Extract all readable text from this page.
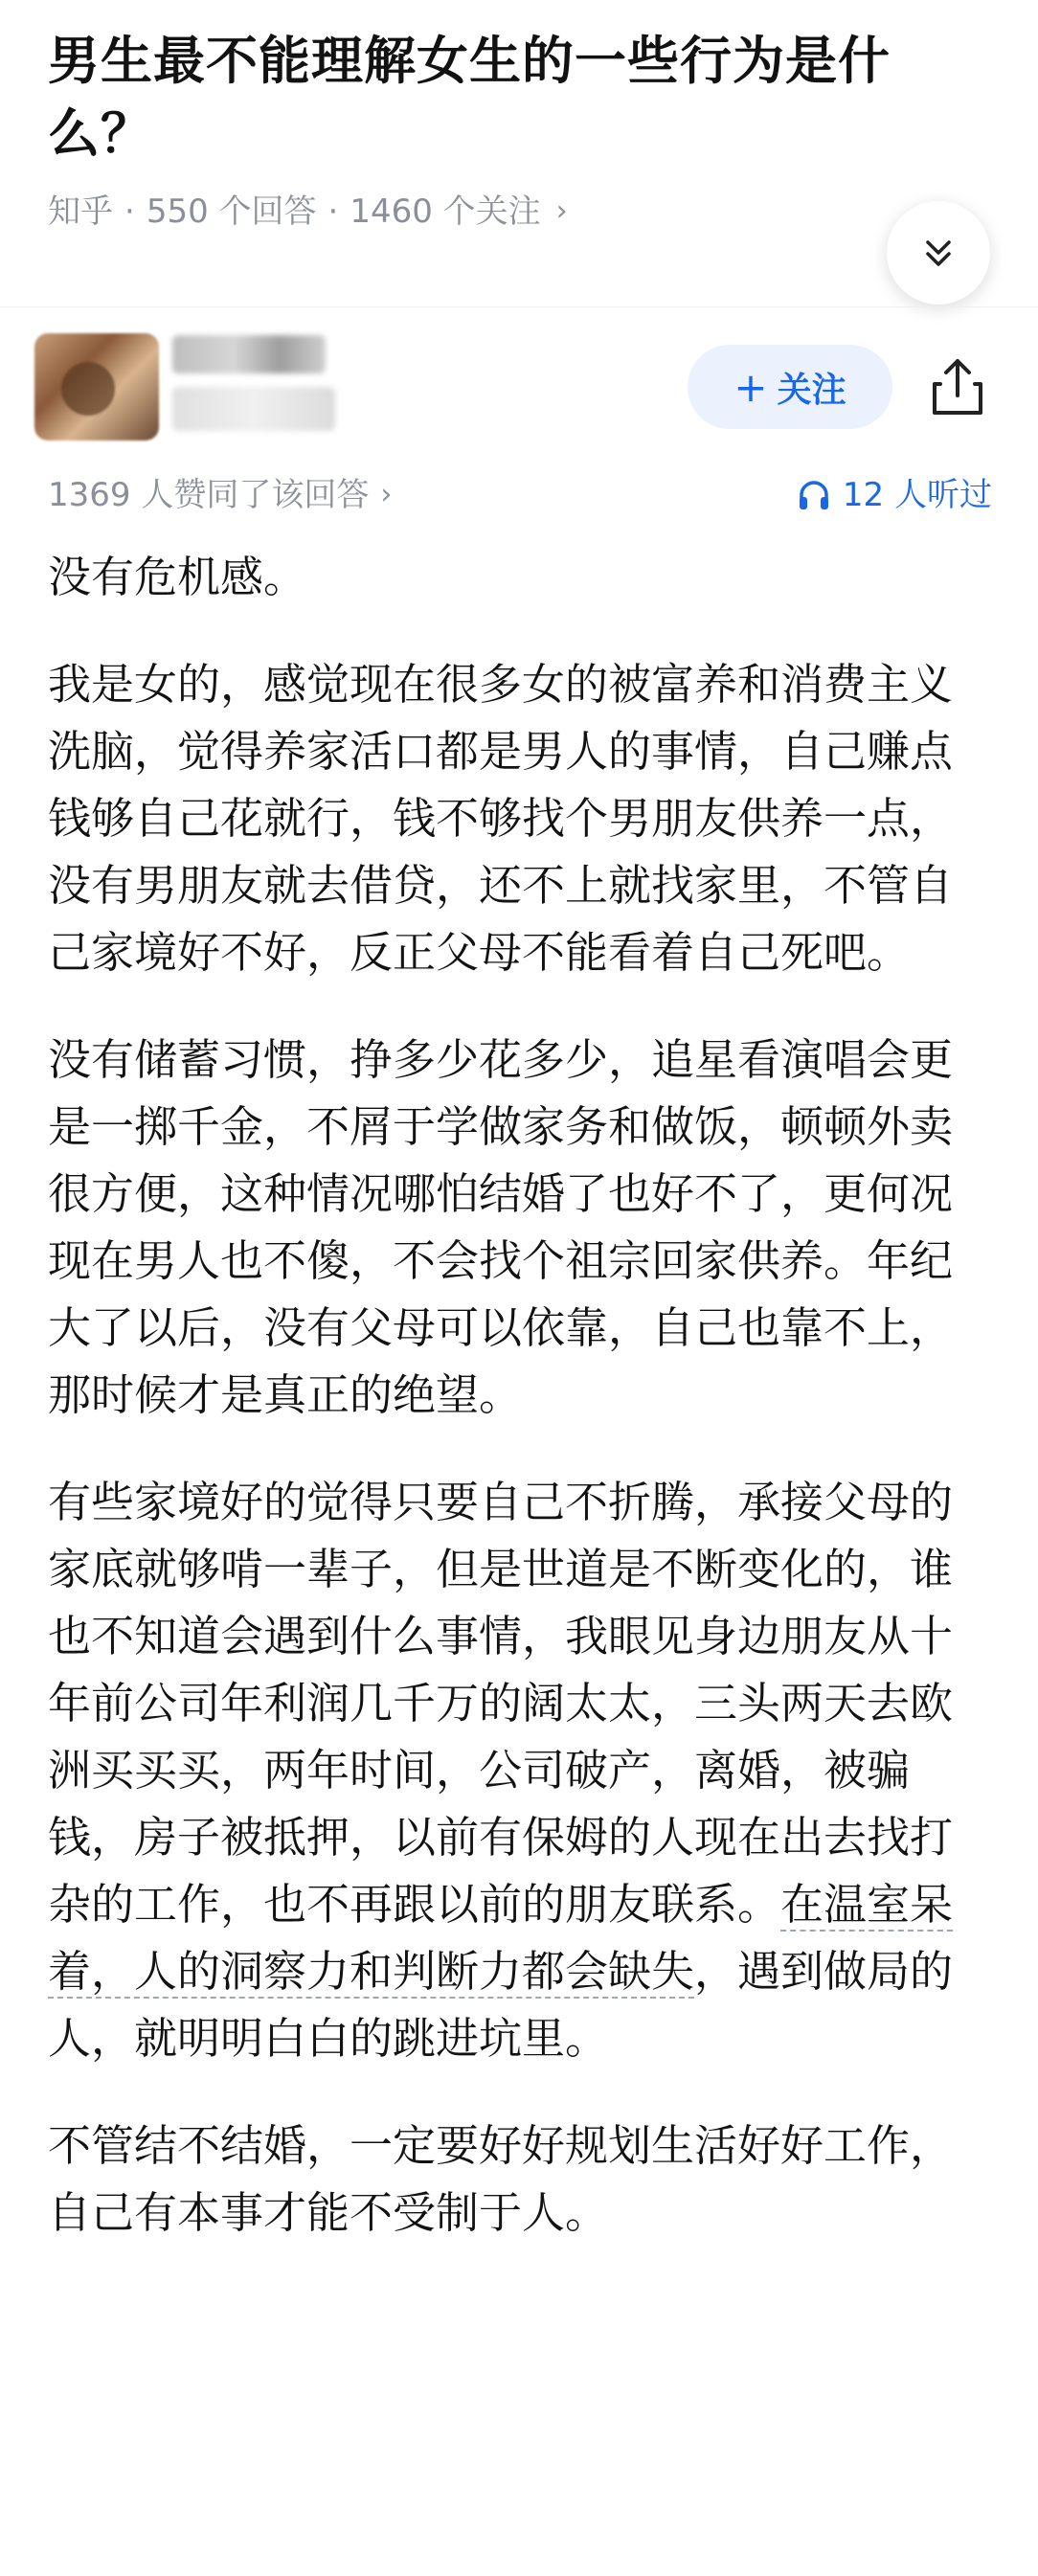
男生最不能理解女生的一些行为是什么？
知乎 · 550 个回答 · 1460 个关注 ›
+ 关注
1369 人赞同了该回答 ›	12 人听过

没有危机感。

我是女的，感觉现在很多女的被富养和消费主义洗脑，觉得养家活口都是男人的事情，自己赚点钱够自己花就行，钱不够找个男朋友供养一点，没有男朋友就去借贷，还不上就找家里，不管自己家境好不好，反正父母不能看着自己死吧。

没有储蓄习惯，挣多少花多少，追星看演唱会更是一掷千金，不屑于学做家务和做饭，顿顿外卖很方便，这种情况哪怕结婚了也好不了，更何况现在男人也不傻，不会找个祖宗回家供养。年纪大了以后，没有父母可以依靠，自己也靠不上，那时候才是真正的绝望。

有些家境好的觉得只要自己不折腾，承接父母的家底就够啃一辈子，但是世道是不断变化的，谁也不知道会遇到什么事情，我眼见身边朋友从十年前公司年利润几千万的阔太太，三头两天去欧洲买买买，两年时间，公司破产，离婚，被骗钱，房子被抵押，以前有保姆的人现在出去找打杂的工作，也不再跟以前的朋友联系。在温室呆着，人的洞察力和判断力都会缺失，遇到做局的人，就明明白白的跳进坑里。

不管结不结婚，一定要好好规划生活好好工作，自己有本事才能不受制于人。
